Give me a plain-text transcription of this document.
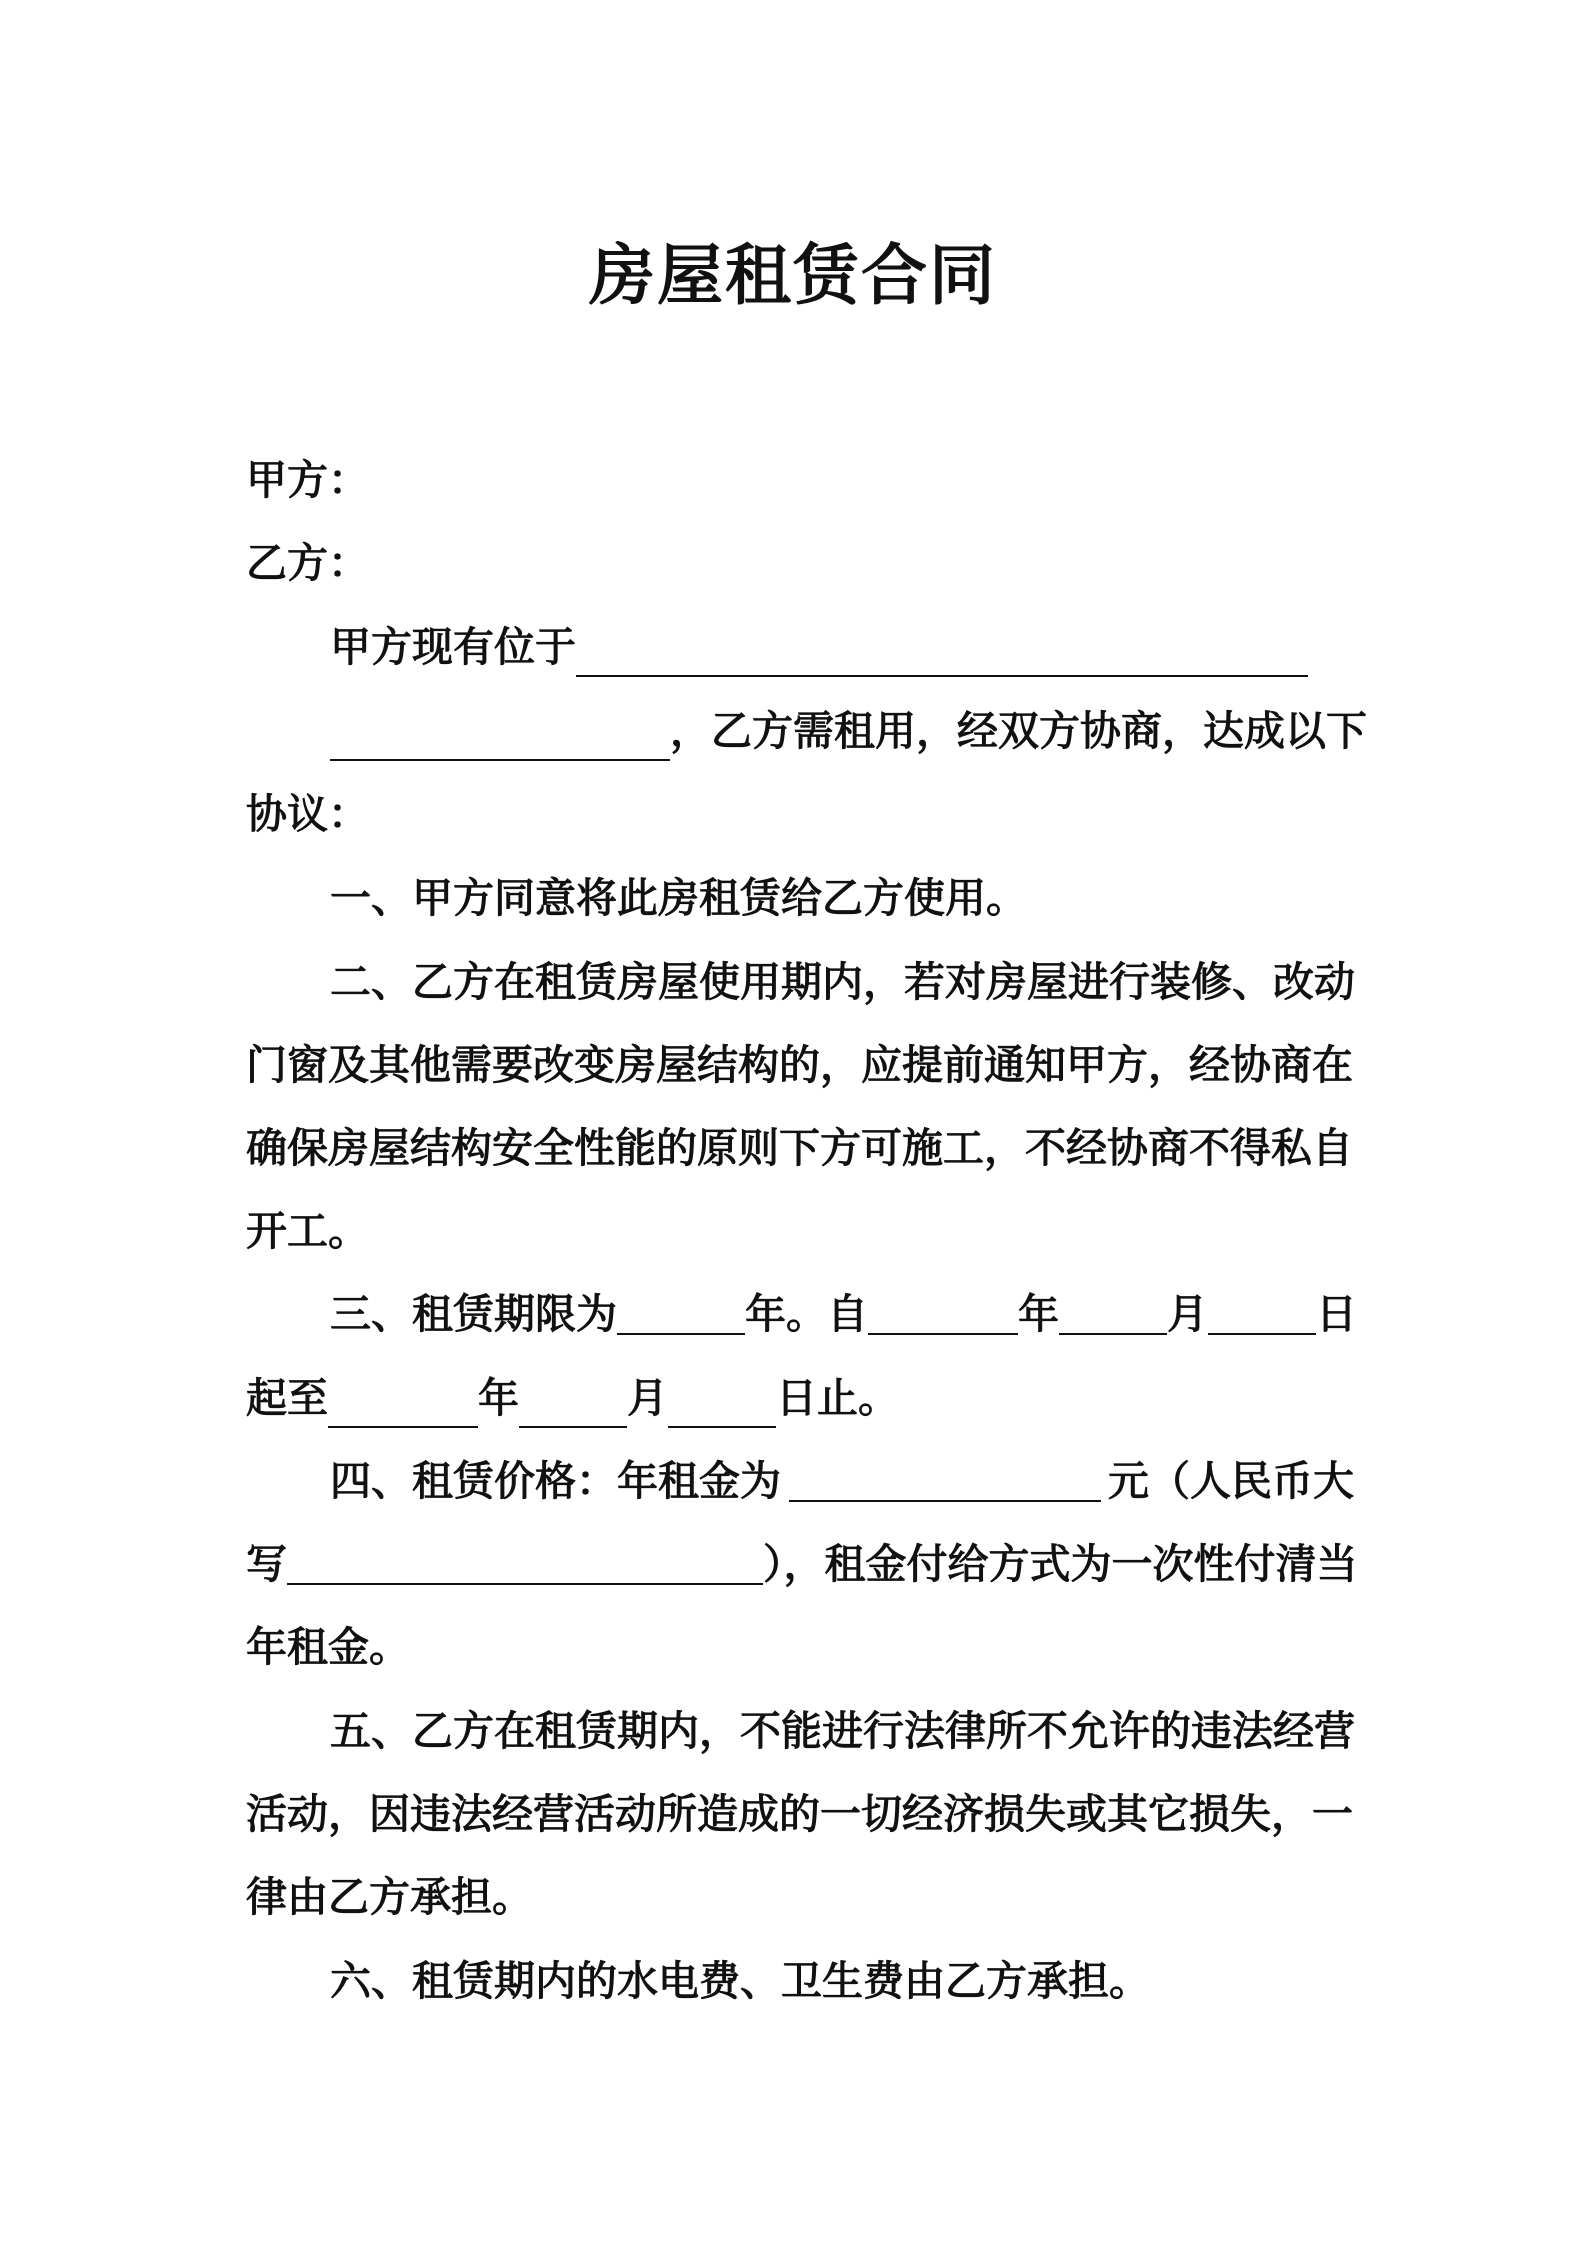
房屋租赁合同
甲方：
乙方：
甲方现有位于
，乙方需租用，经双方协商，达成以下
协议：
一、甲方同意将此房租赁给乙方使用。
二、乙方在租赁房屋使用期内，若对房屋进行装修、改动
门窗及其他需要改变房屋结构的，应提前通知甲方，经协商在
确保房屋结构安全性能的原则下方可施工，不经协商不得私自
开工。
三、租赁期限为	年。自	年	月	日
起至	年	月	日止。
四、租赁价格：年租金为	元（人民币大
写	），租金付给方式为一次性付清当
年租金。
五、乙方在租赁期内，不能进行法律所不允许的违法经营
活动，因违法经营活动所造成的一切经济损失或其它损失，一
律由乙方承担。
六、租赁期内的水电费、卫生费由乙方承担。
